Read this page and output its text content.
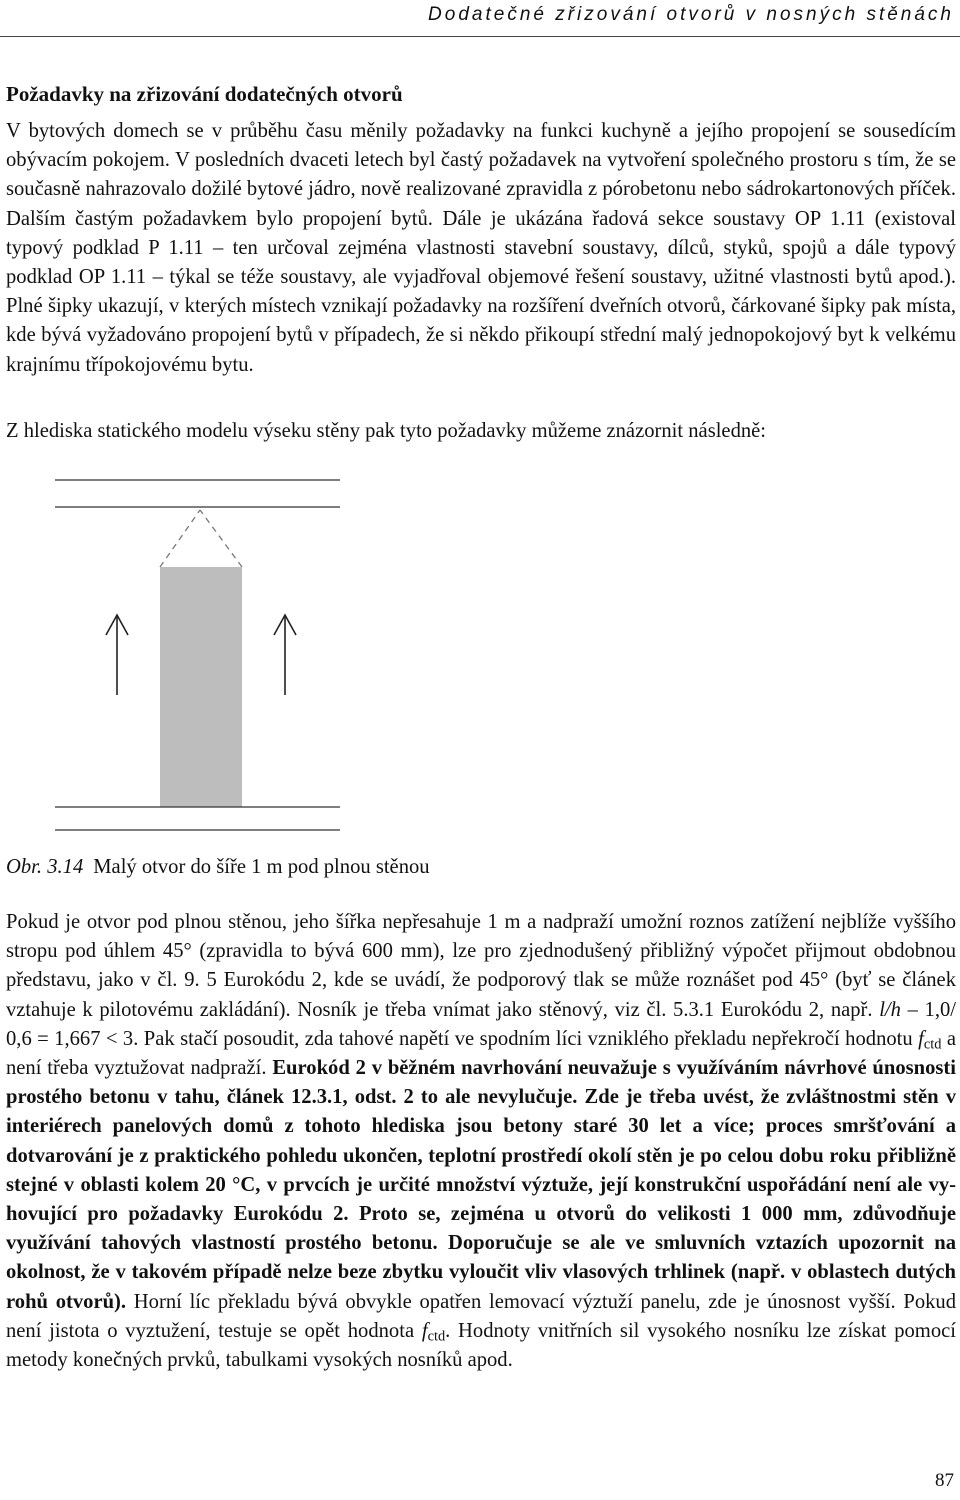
Dodatečné zřizování otvorů v nosných stěnách
Požadavky na zřizování dodatečných otvorů
V bytových domech se v průběhu času měnily požadavky na funkci kuchyně a jejího propojení se sousedícím obývacím pokojem. V posledních dvaceti letech byl častý požadavek na vytvoření společného prostoru s tím, že se současně nahrazovalo dožilé bytové jádro, nově realizované zpravidla z pórobetonu nebo sádrokartonových příček. Dalším častým požadavkem bylo propojení bytů. Dále je ukázána řadová sekce soustavy OP 1.11 (existoval typový podklad P 1.11 – ten určoval zejména vlastnosti stavební soustavy, dílců, styků, spojů a dále typový podklad OP 1.11 – týkal se téže soustavy, ale vyjadřoval objemové řešení soustavy, užitné vlastnosti bytů apod.). Plné šipky ukazují, v kterých místech vznikají požadavky na rozšíření dveřních otvorů, čárkované šipky pak místa, kde bývá vyžadováno propojení bytů v případech, že si někdo přikoupí střední malý jednopokojový byt k velkému krajnímu třípokojovému bytu.
Z hlediska statického modelu výseku stěny pak tyto požadavky můžeme znázornit následně:
Obr. 3.14 Malý otvor do šíře 1 m pod plnou stěnou
Pokud je otvor pod plnou stěnou, jeho šířka nepřesahuje 1 m a nadpraží umožní roznos zatížení nejblíže vyššího stropu pod úhlem 45° (zpravidla to bývá 600 mm), lze pro zjednodušený přibližný výpočet přijmout obdobnou představu, jako v čl. 9. 5 Eurokódu 2, kde se uvádí, že podporový tlak se může roznášet pod 45° (byť se článek vztahuje k pilotovému zakládání). Nosník je třeba vnímat jako stěnový, viz čl. 5.3.1 Eurokódu 2, např. l/h – 1,0/ 0,6 = 1,667 < 3. Pak stačí posoudit, zda tahové napětí ve spodním líci vzniklého překladu nepřekročí hodnotu $f_{ctd}$ a není třeba vyztužovat nadpraží. Eurokód 2 v běžném navrhování neuvažuje s využíváním návrhové únosnosti prostého betonu v tahu, článek 12.3.1, odst. 2 to ale nevylučuje. Zde je třeba uvést, že zvláštnostmi stěn v interiérech panelových domů z tohoto hlediska jsou betony staré 30 let a více; proces smršťování a dotvarování je z praktického pohledu ukončen, teplotní prostředí okolí stěn je po celou dobu roku přibližně stejné v oblasti kolem 20 °C, v prvcích je určité množství výztuže, její konstrukční uspořádání není ale vyhovující pro požadavky Eurokódu 2. Proto se, zejména u otvorů do velikosti 1 000 mm, zdůvodňuje využívání tahových vlastností prostého betonu. Doporučuje se ale ve smluvních vztazích upozornit na okolnost, že v takovém případě nelze beze zbytku vyloučit vliv vlasových trhlinek (např. v oblastech dutých rohů otvorů). Horní líc překladu bývá obvykle opatřen lemovací výztuží panelu, zde je únosnost vyšší. Pokud není jistota o vyztužení, testuje se opět hodnota $f_{ctd}$. Hodnoty vnitřních sil vysokého nosníku lze získat pomocí metody konečných prvků, tabulkami vysokých nosníků apod.
87
